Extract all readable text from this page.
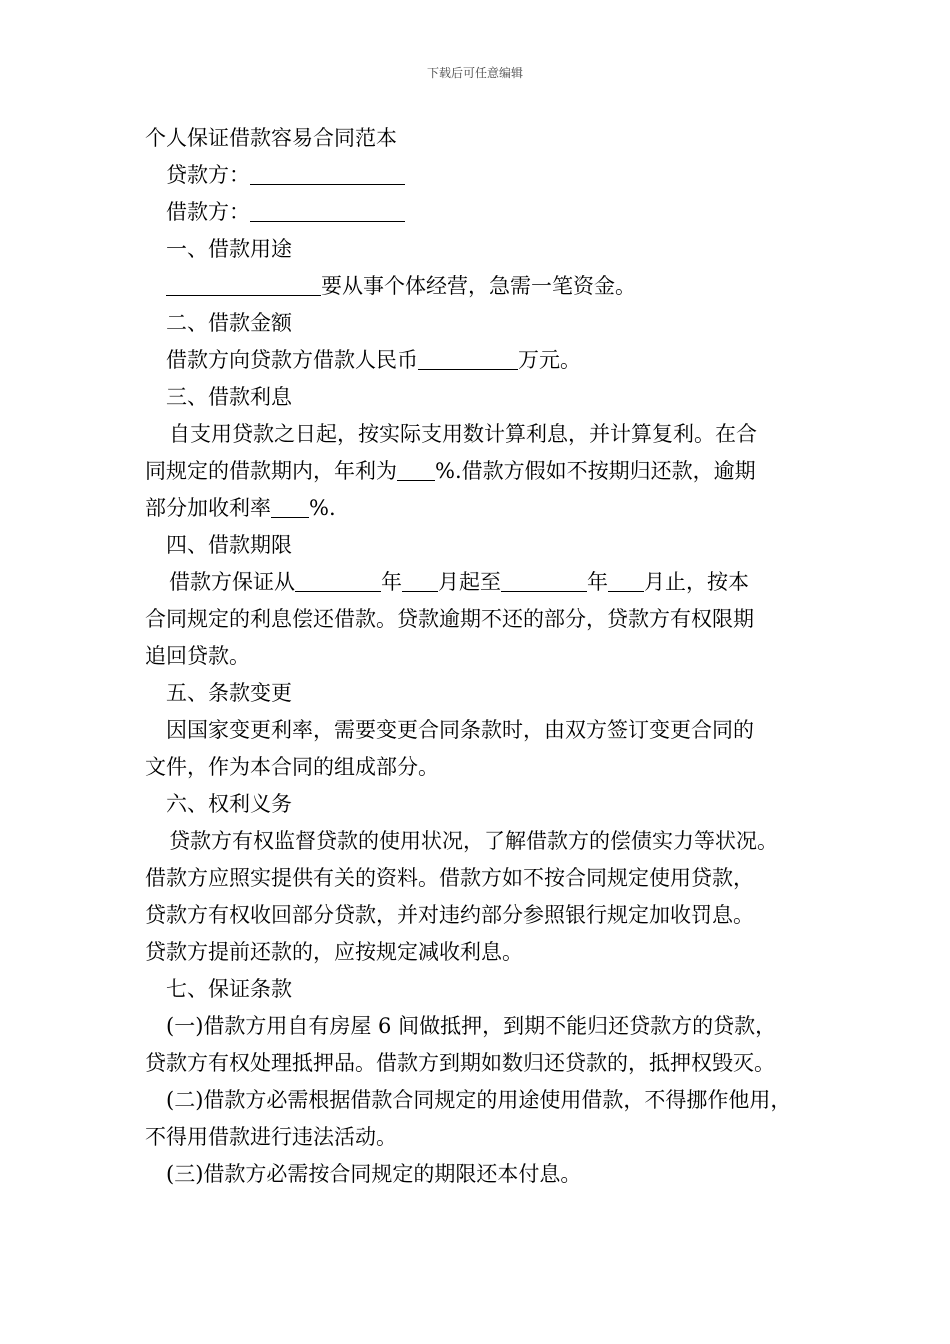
下载后可任意编辑
个人保证借款容易合同范本
贷款方：
借款方：
一、借款用途
要从事个体经营，急需一笔资金。
二、借款金额
借款方向贷款方借款人民币	万元。
三、借款利息
自支用贷款之日起，按实际支用数计算利息，并计算复利。在合
同规定的借款期内，年利为 %.借款方假如不按期归还款，逾期
部分加收利率 %.
四、借款期限
借款方保证从	年 月起至	年 月止，按本
合同规定的利息偿还借款。贷款逾期不还的部分，贷款方有权限期
追回贷款。
五、条款变更
因国家变更利率，需要变更合同条款时，由双方签订变更合同的
文件，作为本合同的组成部分。
六、权利义务
贷款方有权监督贷款的使用状况，了解借款方的偿债实力等状况。
借款方应照实提供有关的资料。借款方如不按合同规定使用贷款，
贷款方有权收回部分贷款，并对违约部分参照银行规定加收罚息。
贷款方提前还款的，应按规定减收利息。
七、保证条款
(一)借款方用自有房屋 6 间做抵押，到期不能归还贷款方的贷款，
贷款方有权处理抵押品。借款方到期如数归还贷款的，抵押权毁灭。
(二)借款方必需根据借款合同规定的用途使用借款，不得挪作他用，
不得用借款进行违法活动。
(三)借款方必需按合同规定的期限还本付息。
